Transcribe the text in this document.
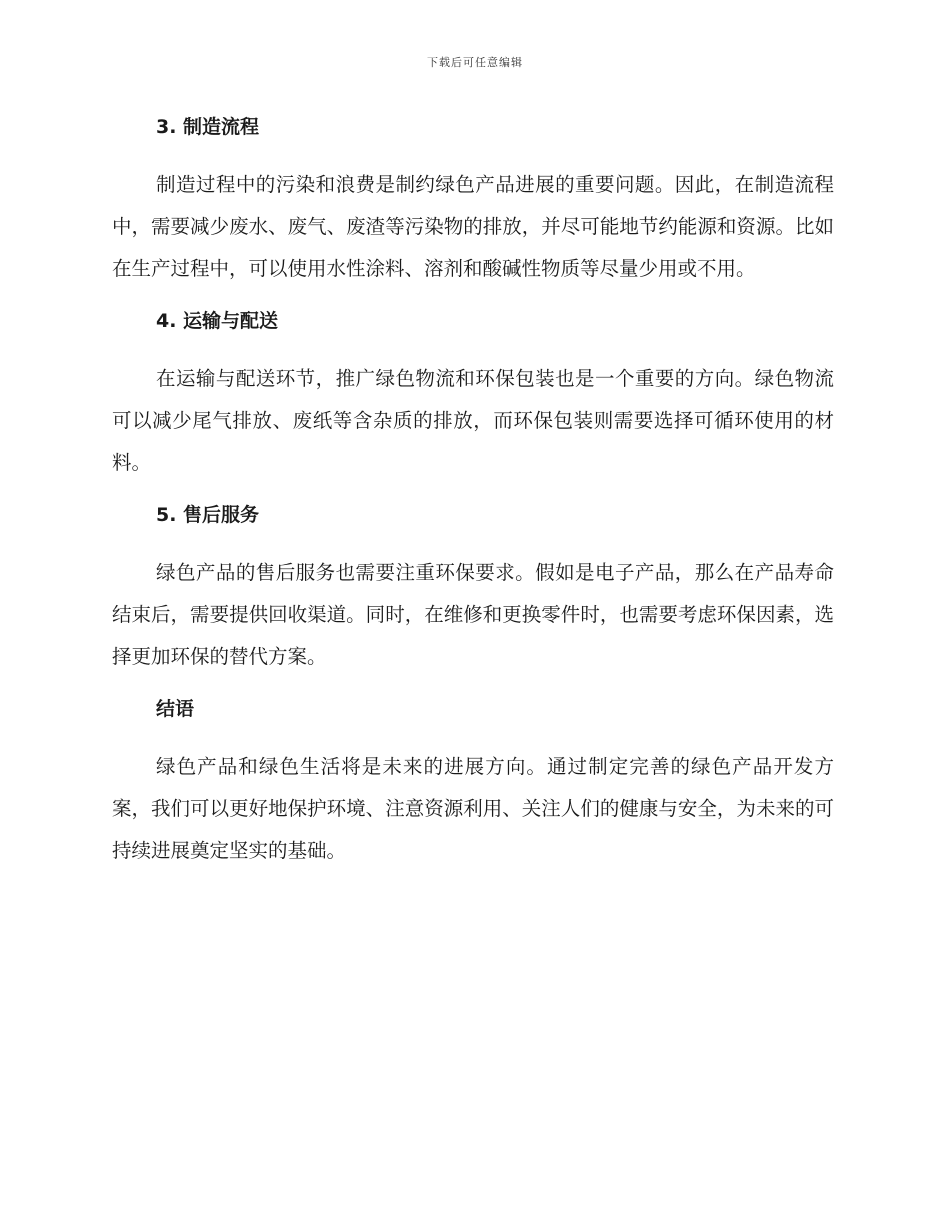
下载后可任意编辑
3. 制造流程

制造过程中的污染和浪费是制约绿色产品进展的重要问题。因此，在制造流程中，需要减少废水、废气、废渣等污染物的排放，并尽可能地节约能源和资源。比如在生产过程中，可以使用水性涂料、溶剂和酸碱性物质等尽量少用或不用。

4. 运输与配送

在运输与配送环节，推广绿色物流和环保包装也是一个重要的方向。绿色物流可以减少尾气排放、废纸等含杂质的排放，而环保包装则需要选择可循环使用的材料。

5. 售后服务

绿色产品的售后服务也需要注重环保要求。假如是电子产品，那么在产品寿命结束后，需要提供回收渠道。同时，在维修和更换零件时，也需要考虑环保因素，选择更加环保的替代方案。

结语

绿色产品和绿色生活将是未来的进展方向。通过制定完善的绿色产品开发方案，我们可以更好地保护环境、注意资源利用、关注人们的健康与安全，为未来的可持续进展奠定坚实的基础。
